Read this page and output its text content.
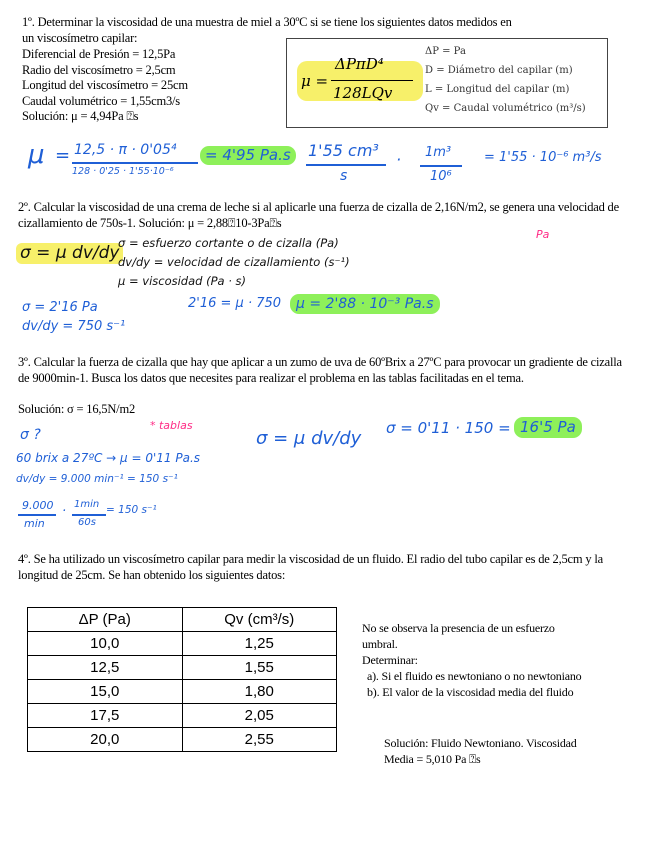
1º. Determinar la viscosidad de una muestra de miel a 30ºC si se tiene los siguientes datos medidos en un viscosímetro capilar:
Diferencial de Presión = 12,5Pa
Radio del viscosímetro = 2,5cm
Longitud del viscosímetro = 25cm
Caudal volumétrico = 1,55cm3/s
Solución: μ = 4,94Pa ⍰s
μ =
ΔPπD⁴
128LQv
ΔP = Pa
D = Diámetro del capilar (m)
L = Longitud del capilar (m)
Qv = Caudal volumétrico (m³/s)
μ = 12,5 · π · 0'05⁴
128 · 0'25 · 1'55·10⁻⁶
= 4'95 Pa.s	1'55 cm³
s
· 1m³
10⁶
= 1'55 · 10⁻⁶ m³/s
2º. Calcular la viscosidad de una crema de leche si al aplicarle una fuerza de cizalla de 2,16N/m2, se genera una velocidad de cizallamiento de 750s-1. Solución: μ = 2,88⍰10-3Pa⍰s
Pa
σ = μ dv/dy
σ = esfuerzo cortante o de cizalla (Pa)
dv/dy = velocidad de cizallamiento (s⁻¹)
μ = viscosidad (Pa · s)
σ = 2'16 Pa
dv/dy = 750 s⁻¹
2'16 = μ · 750	μ = 2'88 · 10⁻³ Pa.s
3º. Calcular la fuerza de cizalla que hay que aplicar a un zumo de uva de 60ºBrix a 27ºC para provocar un gradiente de cizalla de 9000min-1. Busca los datos que necesites para realizar el problema en las tablas facilitadas en el tema.
Solución: σ = 16,5N/m2
σ ?
* tablas
60 brix a 27ºC → μ = 0'11 Pa.s
dv/dy = 9.000 min⁻¹ = 150 s⁻¹
9.000
min
· 1min
60s
= 150 s⁻¹
σ = μ dv/dy σ = 0'11 · 150 = 16'5 Pa
4º. Se ha utilizado un viscosímetro capilar para medir la viscosidad de un fluido. El radio del tubo capilar es de 2,5cm y la longitud de 25cm. Se han obtenido los siguientes datos:
ΔP (Pa)	Qv (cm³/s)
10,0	1,25
12,5	1,55
15,0	1,80
17,5	2,05
20,0	2,55
No se observa la presencia de un esfuerzo
umbral.
Determinar:
a). Si el fluido es newtoniano o no newtoniano
b). El valor de la viscosidad media del fluido
Solución: Fluido Newtoniano. Viscosidad
Media = 5,010 Pa ⍰s
